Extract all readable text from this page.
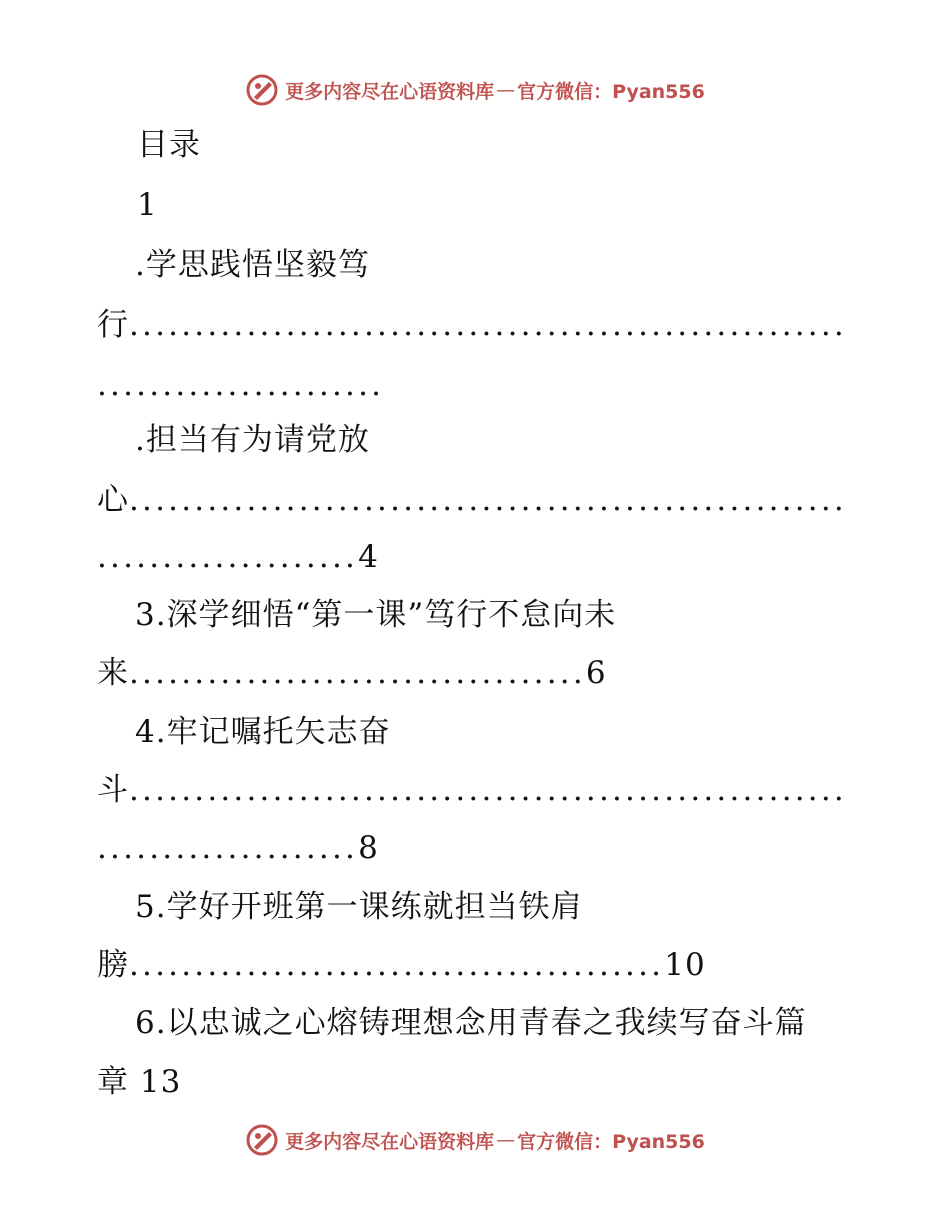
更多内容尽在心语资料库 — 官方微信：Pyan556
目录
1
.学思践悟坚毅笃
行 .......................................................
......................
.担当有为请党放
心 .......................................................
....................4
3.深学细悟“第一课”笃行不怠向未
来 ...................................6
4.牢记嘱托矢志奋
斗 .......................................................
....................8
5.学好开班第一课练就担当铁肩
膀 .........................................10
6.以忠诚之心熔铸理想念用青春之我续写奋斗篇
章 13
更多内容尽在心语资料库 — 官方微信：Pyan556
